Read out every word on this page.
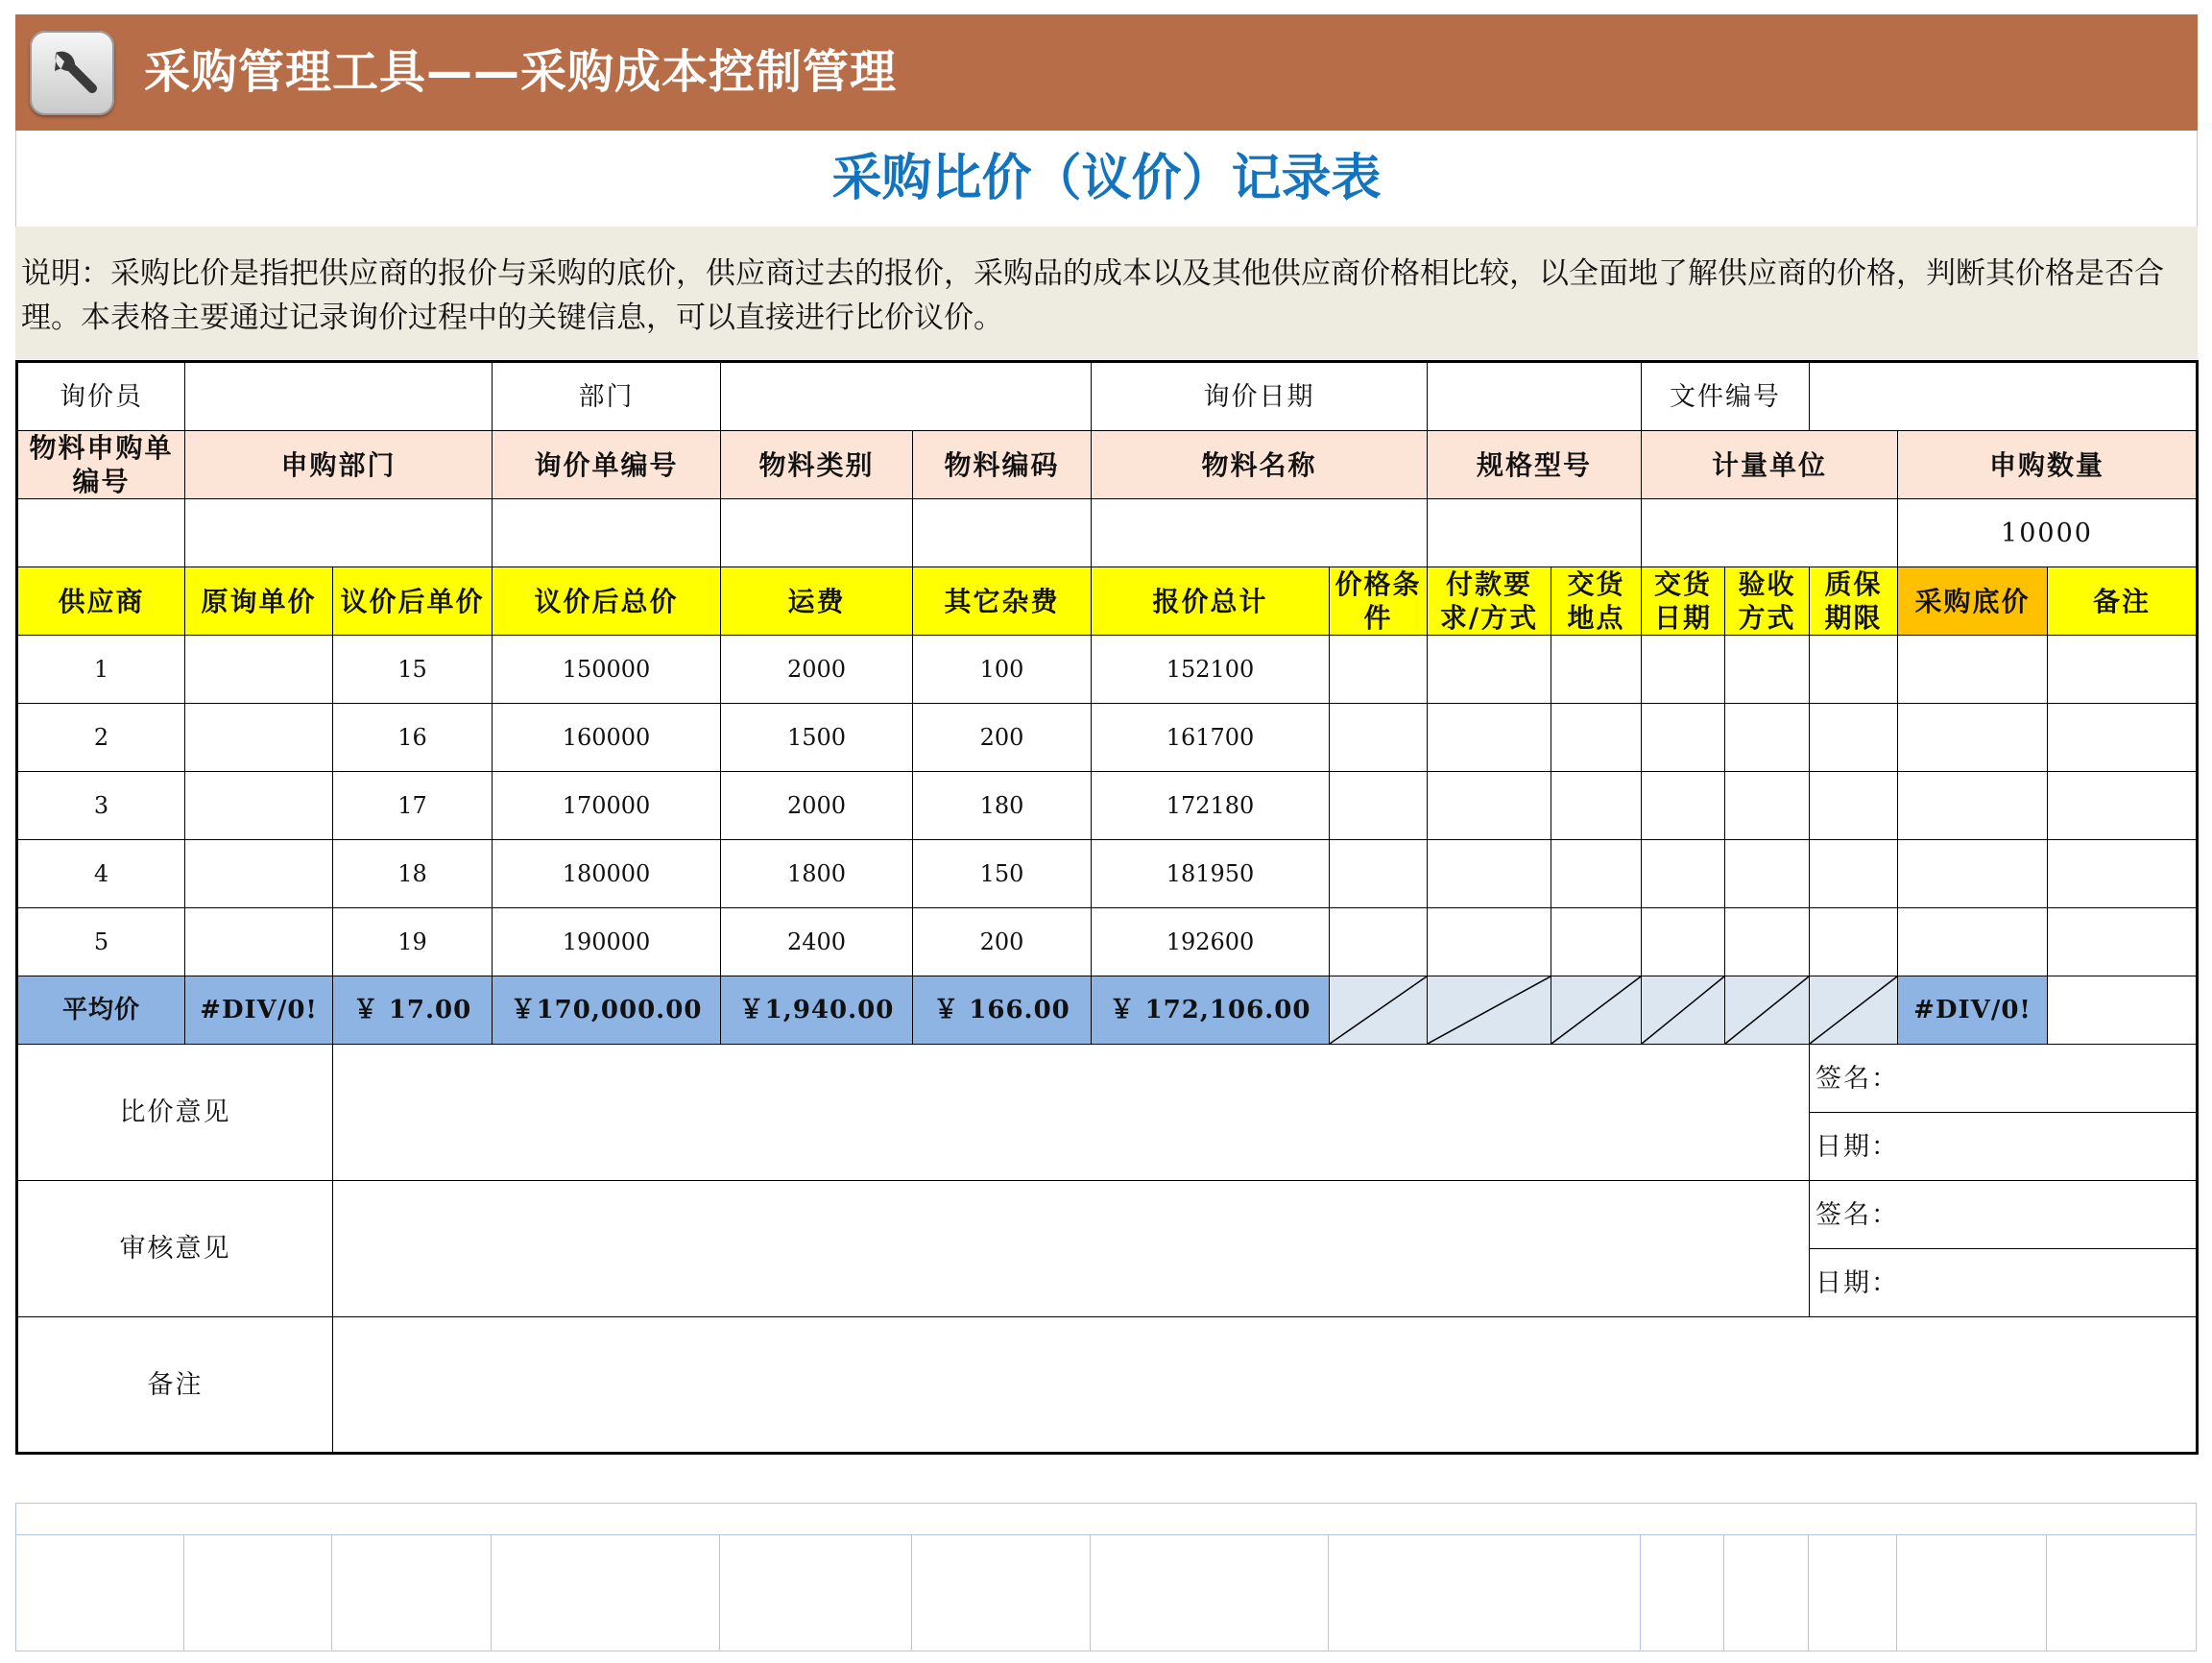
采购管理工具——采购成本控制管理
采购比价（议价）记录表
说明：采购比价是指把供应商的报价与采购的底价，供应商过去的报价，采购品的成本以及其他供应商价格相比较，以全面地了解供应商的价格，判断其价格是否合理。本表格主要通过记录询价过程中的关键信息，可以直接进行比价议价。
询价员			部门			询价日期				文件编号				
物料申购单编号	申购部门		询价单编号	物料类别	物料编码	物料名称		规格型号		计量单位			申购数量	
													10000	
供应商	原询单价	议价后单价	议价后总价	运费	其它杂费	报价总计	价格条件	付款要求/方式	交货地点	交货日期	验收方式	质保期限	采购底价	备注
1		15	150000	2000	100	152100								
2		16	160000	1500	200	161700								
3		17	170000	2000	180	172180								
4		18	180000	1800	150	181950								
5		19	190000	2400	200	192600								
平均价	#DIV/0!	￥ 17.00	￥170,000.00	￥1,940.00	￥ 166.00	￥ 172,106.00							#DIV/0!	
比价意见												签名：		
												日期：		
审核意见												签名：		
												日期：		
备注														
